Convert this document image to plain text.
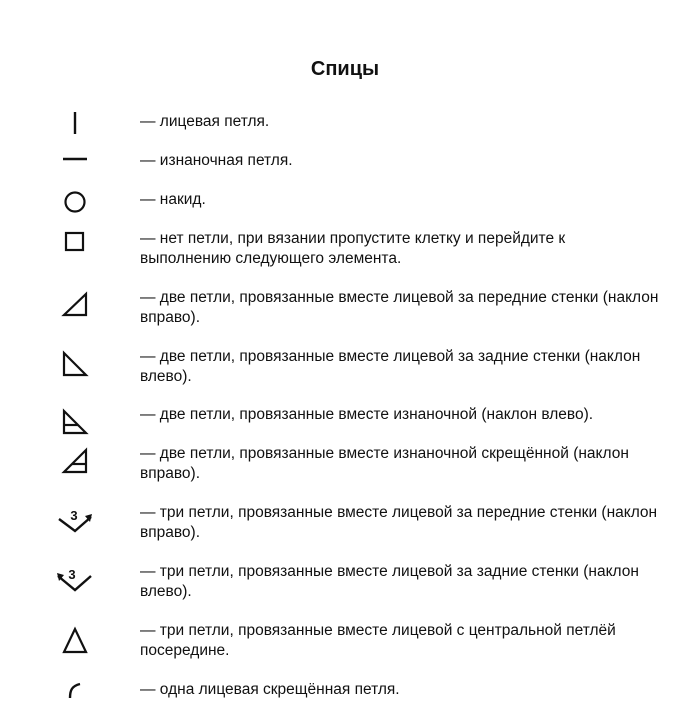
Спицы
— лицевая петля.
— изнаночная петля.
— накид.
— нет петли, при вязании пропустите клетку и перейдите к выполнению следующего элемента.
— две петли, провязанные вместе лицевой за передние стенки (наклон вправо).
— две петли, провязанные вместе лицевой за задние стенки (наклон влево).
— две петли, провязанные вместе изнаночной (наклон влево).
— две петли, провязанные вместе изнаночной скрещённой (наклон вправо).
3	— три петли, провязанные вместе лицевой за передние стенки (наклон вправо).
3	— три петли, провязанные вместе лицевой за задние стенки (наклон влево).
— три петли, провязанные вместе лицевой с центральной петлёй посередине.
— одна лицевая скрещённая петля.
